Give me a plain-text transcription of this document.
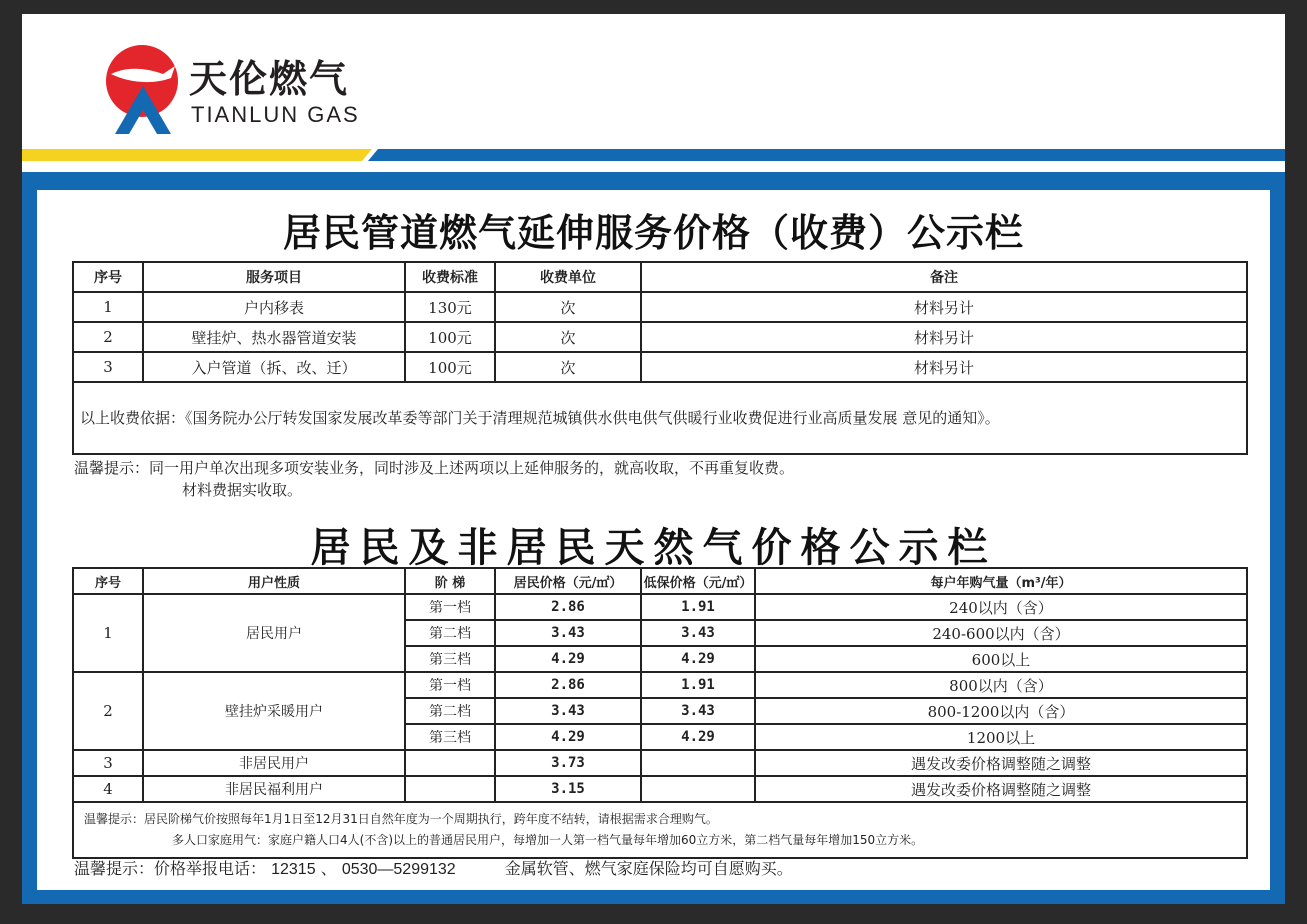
天伦燃气
TIANLUN GAS
居民管道燃气延伸服务价格（收费）公示栏
序号	服务项目	收费标准	收费单位	备注
1	户内移表	130元	次	材料另计
2	壁挂炉、热水器管道安装	100元	次	材料另计
3	入户管道（拆、改、迁）	100元	次	材料另计
以上收费依据：《国务院办公厅转发国家发展改革委等部门关于清理规范城镇供水供电供气供暖行业收费促进行业高质量发展 意见的通知》。				
温馨提示：同一用户单次出现多项安装业务，同时涉及上述两项以上延伸服务的，就高收取，不再重复收费。
材料费据实收取。
居民及非居民天然气价格公示栏
序号	用户性质	阶 梯	居民价格（元/㎡）	低保价格（元/㎡）	每户年购气量（m³/年）
1	居民用户	第一档	2.86	1.91	240以内（含）
		第二档	3.43	3.43	240-600以内（含）
		第三档	4.29	4.29	600以上
2	壁挂炉采暖用户	第一档	2.86	1.91	800以内（含）
		第二档	3.43	3.43	800-1200以内（含）
		第三档	4.29	4.29	1200以上
3	非居民用户		3.73		遇发改委价格调整随之调整
4	非居民福利用户		3.15		遇发改委价格调整随之调整
温馨提示：居民阶梯气价按照每年1月1日至12月31日自然年度为一个周期执行，跨年度不结转，请根据需求合理购气。
多人口家庭用气：家庭户籍人口4人(不含)以上的普通居民用户，每增加一人第一档气量每年增加60立方米，第二档气量每年增加150立方米。					
温馨提示：价格举报电话： 12315 、 0530—5299132	金属软管、燃气家庭保险均可自愿购买。
